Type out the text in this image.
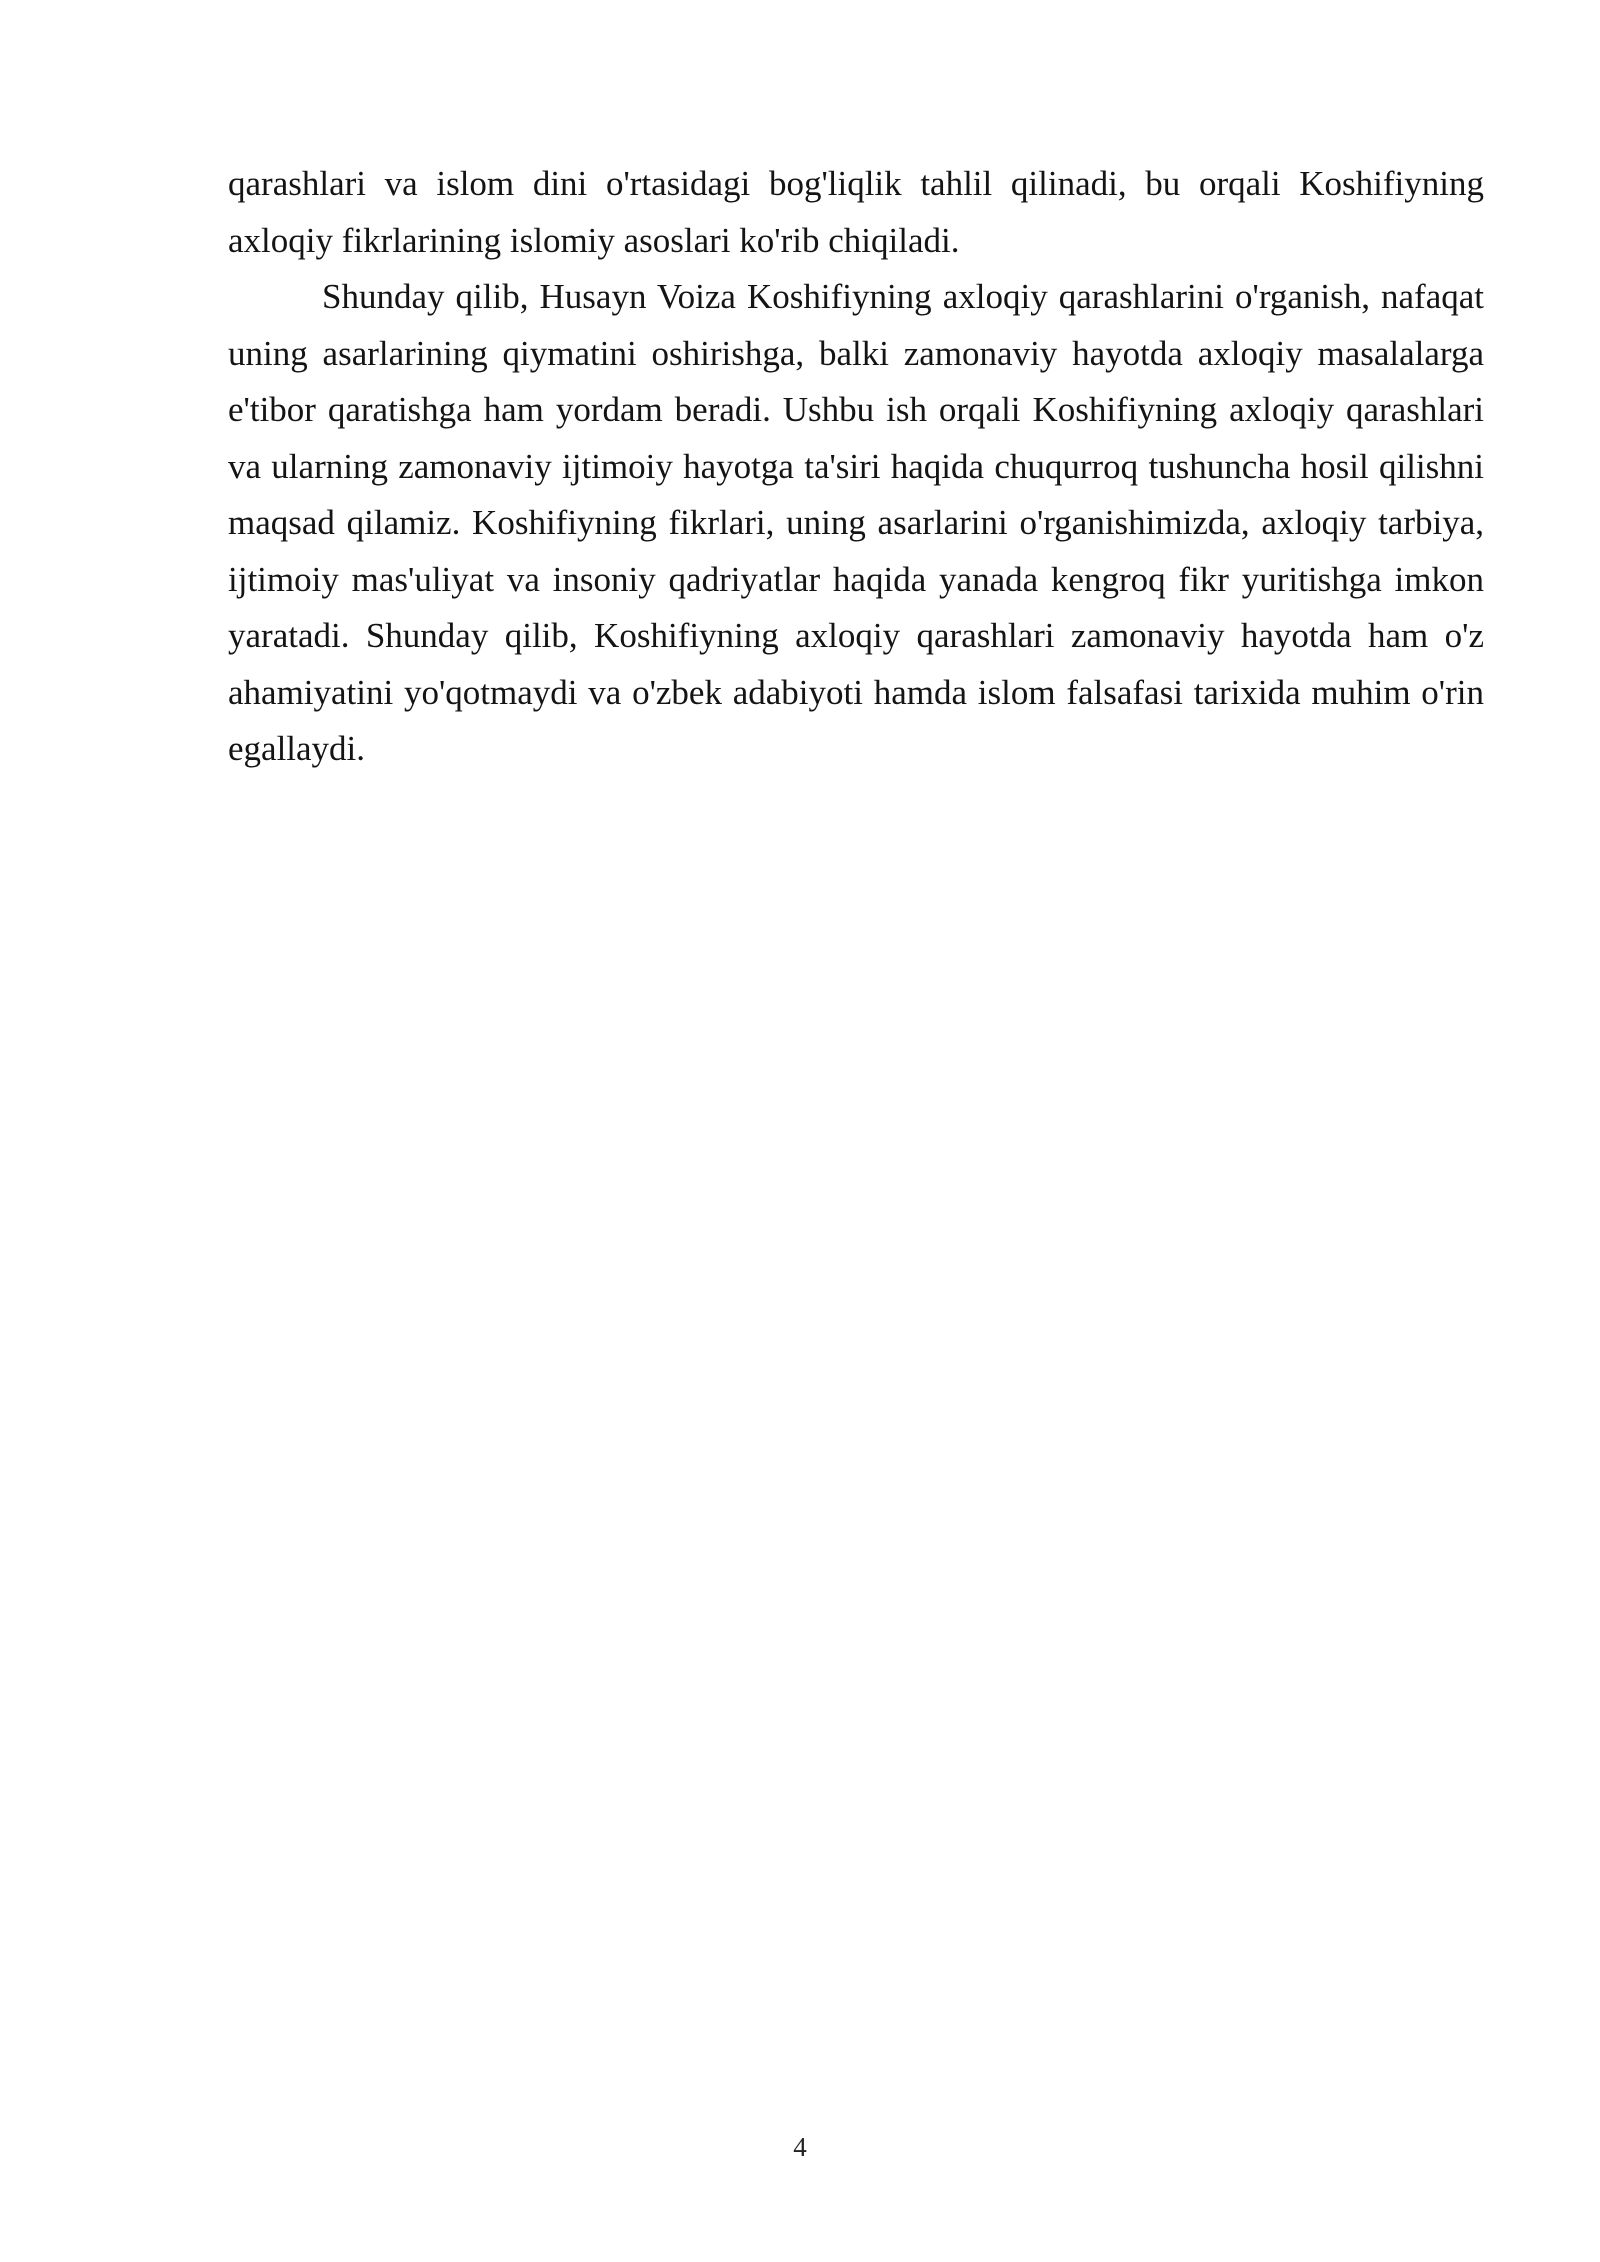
qarashlari va islom dini o'rtasidagi bog'liqlik tahlil qilinadi, bu orqali Koshifiyning axloqiy fikrlarining islomiy asoslari ko'rib chiqiladi.

Shunday qilib, Husayn Voiza Koshifiyning axloqiy qarashlarini o'rganish, nafaqat uning asarlarining qiymatini oshirishga, balki zamonaviy hayotda axloqiy masalalarga e'tibor qaratishga ham yordam beradi. Ushbu ish orqali Koshifiyning axloqiy qarashlari va ularning zamonaviy ijtimoiy hayotga ta'siri haqida chuqurroq tushuncha hosil qilishni maqsad qilamiz. Koshifiyning fikrlari, uning asarlarini o'rganishimizda, axloqiy tarbiya, ijtimoiy mas'uliyat va insoniy qadriyatlar haqida yanada kengroq fikr yuritishga imkon yaratadi. Shunday qilib, Koshifiyning axloqiy qarashlari zamonaviy hayotda ham o'z ahamiyatini yo'qotmaydi va o'zbek adabiyoti hamda islom falsafasi tarixida muhim o'rin egallaydi.

4
